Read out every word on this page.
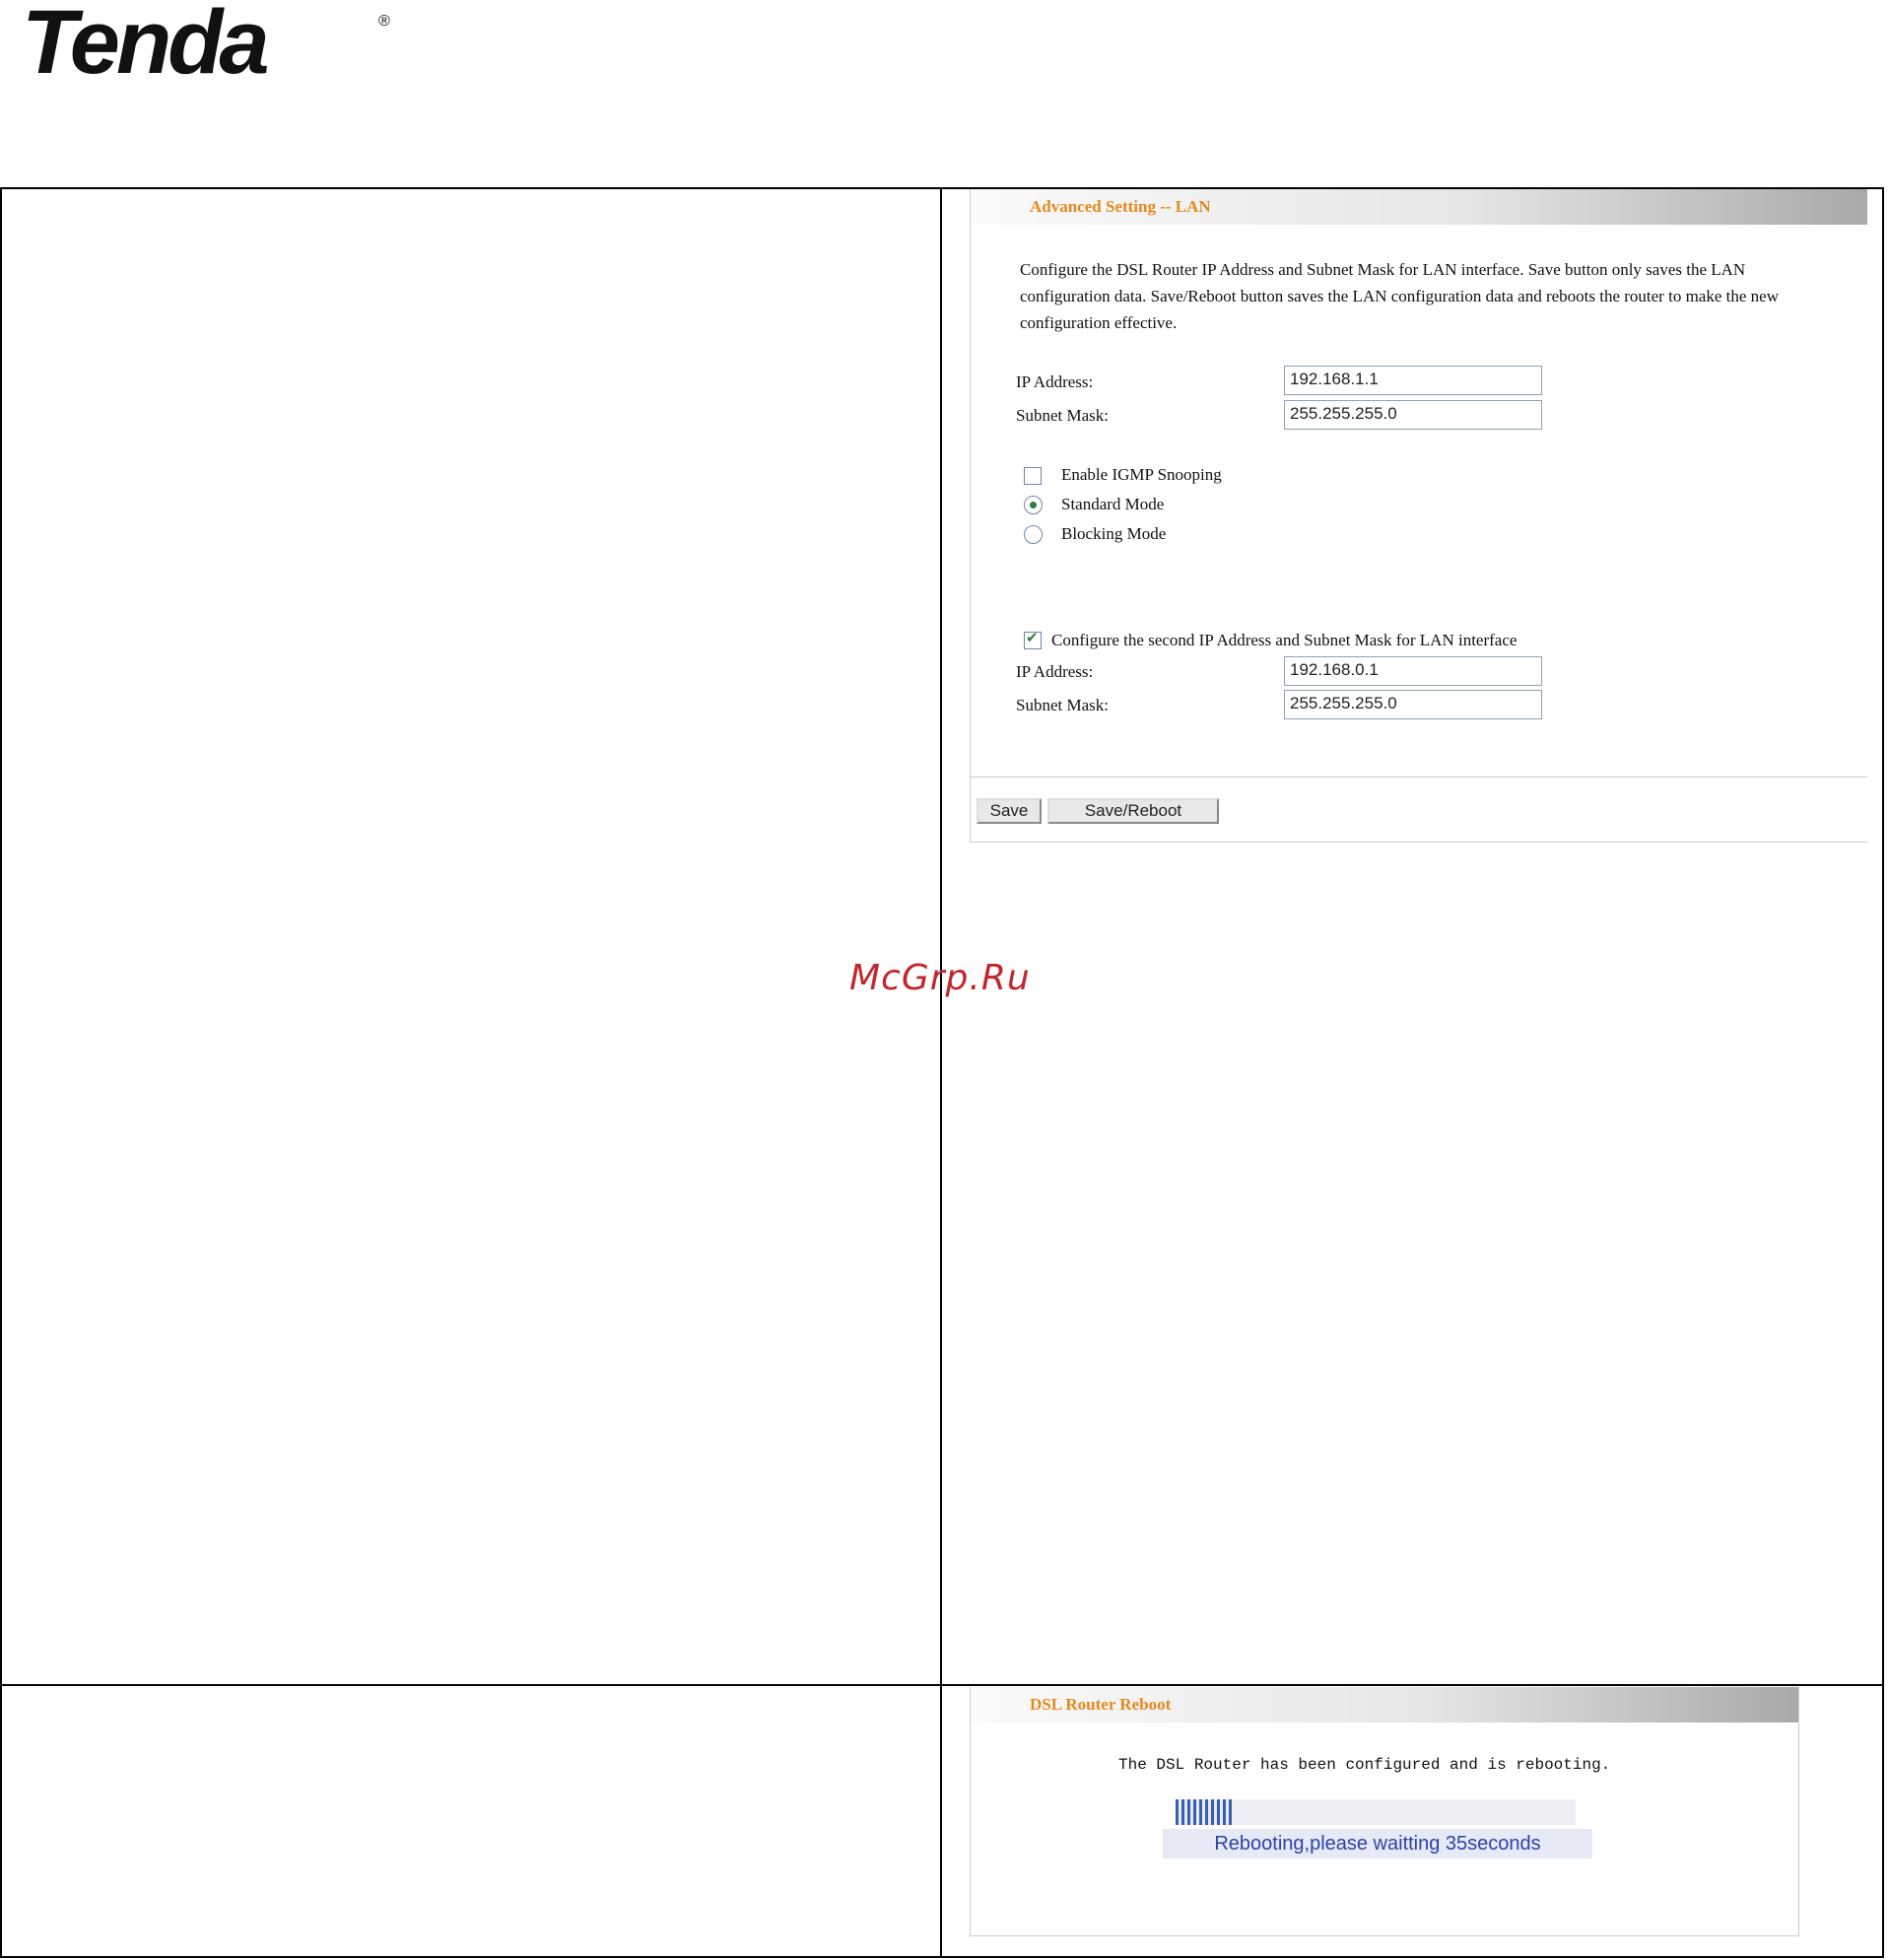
Tenda	®
Advanced Setting -- LAN
Configure the DSL Router IP Address and Subnet Mask for LAN interface. Save button only saves the LAN configuration data. Save/Reboot button saves the LAN configuration data and reboots the router to make the new configuration effective.
IP Address:	192.168.1.1
Subnet Mask:	255.255.255.0
Enable IGMP Snooping
Standard Mode
Blocking Mode
✔
Configure the second IP Address and Subnet Mask for LAN interface
IP Address:	192.168.0.1
Subnet Mask:	255.255.255.0
Save	Save/Reboot
DSL Router Reboot
The DSL Router has been configured and is rebooting.
Rebooting,please waitting 35seconds
McGrp.Ru
